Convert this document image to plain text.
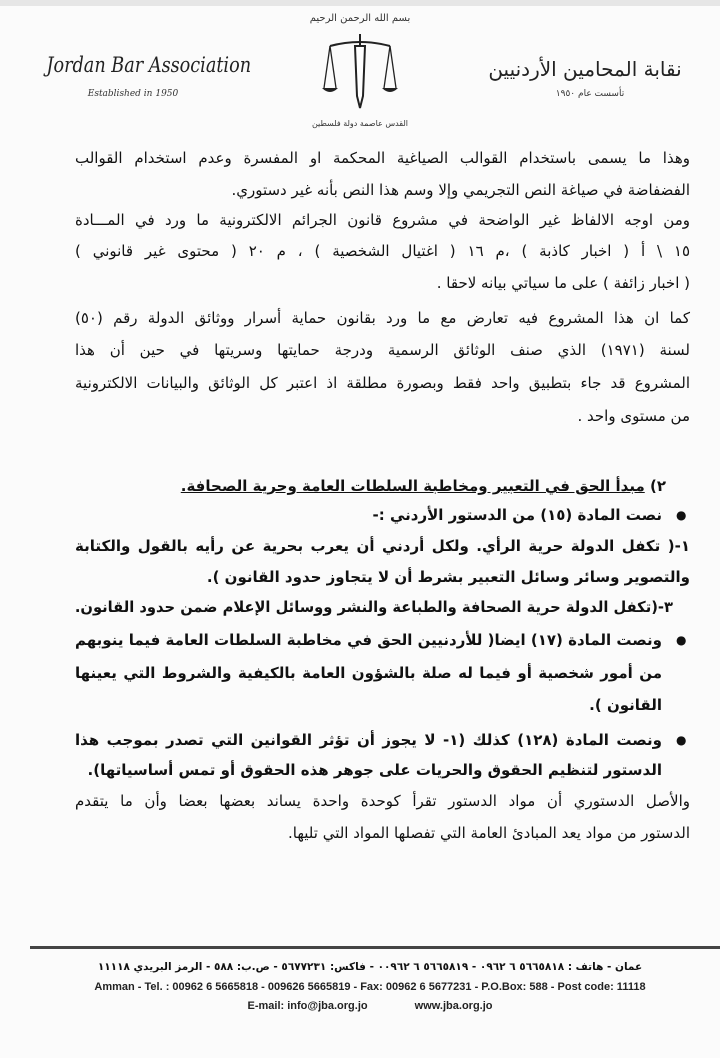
Jordan Bar Association
Established in 1950
بسم الله الرحمن الرحيم
القدس عاصمة دولة فلسطين
نقابة المحامين الأردنيين
تأسست عام ١٩٥٠
وهذا ما يسمى باستخدام القوالب الصياغية المحكمة او المفسرة وعدم استخدام القوالب
الفضفاضة في صياغة النص التجريمي وإلا وسم هذا النص بأنه غير دستوري.
ومن اوجه الالفاظ غير الواضحة في مشروع قانون الجرائم الالكترونية ما ورد في المـــادة
١٥ \ أ ( اخبار كاذبة ) ،م ١٦ ( اغتيال الشخصية ) ، م ٢٠ ( محتوى غير قانوني )
( اخبار زائفة ) على ما سياتي بيانه لاحقا .
كما ان هذا المشروع فيه تعارض مع ما ورد بقانون حماية أسرار ووثائق الدولة رقم (٥٠)
لسنة (١٩٧١) الذي صنف الوثائق الرسمية ودرجة حمايتها وسريتها في حين أن هذا
المشروع قد جاء بتطبيق واحد فقط وبصورة مطلقة اذ اعتبر كل الوثائق والبيانات الالكترونية
من مستوى واحد .
٢) مبدأ الحق في التعبير ومخاطبة السلطات العامة وحرية الصحافة.
●
نصت المادة (١٥) من الدستور الأردني :-
١-( تكفل الدولة حرية الرأي. ولكل أردني أن يعرب بحرية عن رأيه بالقول والكتابة
والتصوير وسائر وسائل التعبير بشرط أن لا يتجاوز حدود القانون ).
٣-(تكفل الدولة حرية الصحافة والطباعة والنشر ووسائل الإعلام ضمن حدود القانون.
●
ونصت المادة (١٧) ايضا( للأردنيين الحق في مخاطبة السلطات العامة فيما ينوبهم
من أمور شخصية أو فيما له صلة بالشؤون العامة بالكيفية والشروط التي يعينها
القانون ).
●
ونصت المادة (١٢٨) كذلك (١- لا يجوز أن تؤثر القوانين التي تصدر بموجب هذا
الدستور لتنظيم الحقوق والحريات على جوهر هذه الحقوق أو تمس أساسياتها).
والأصل الدستوري أن مواد الدستور تقرأ كوحدة واحدة يساند بعضها بعضا وأن ما يتقدم
الدستور من مواد يعد المبادئ العامة التي تفصلها المواد التي تليها.
عمان - هاتف : ٥٦٦٥٨١٨ ٦ ٠٩٦٢ - ٥٦٦٥٨١٩ ٦ ٠٠٩٦٢ - فاكس: ٥٦٧٧٢٣١ - ص.ب: ٥٨٨ - الرمز البريدي ١١١١٨
Amman - Tel. : 00962 6 5665818 - 009626 5665819 - Fax: 00962 6 5677231 - P.O.Box: 588 - Post code: 11118
E-mail: info@jba.org.jo	www.jba.org.jo
